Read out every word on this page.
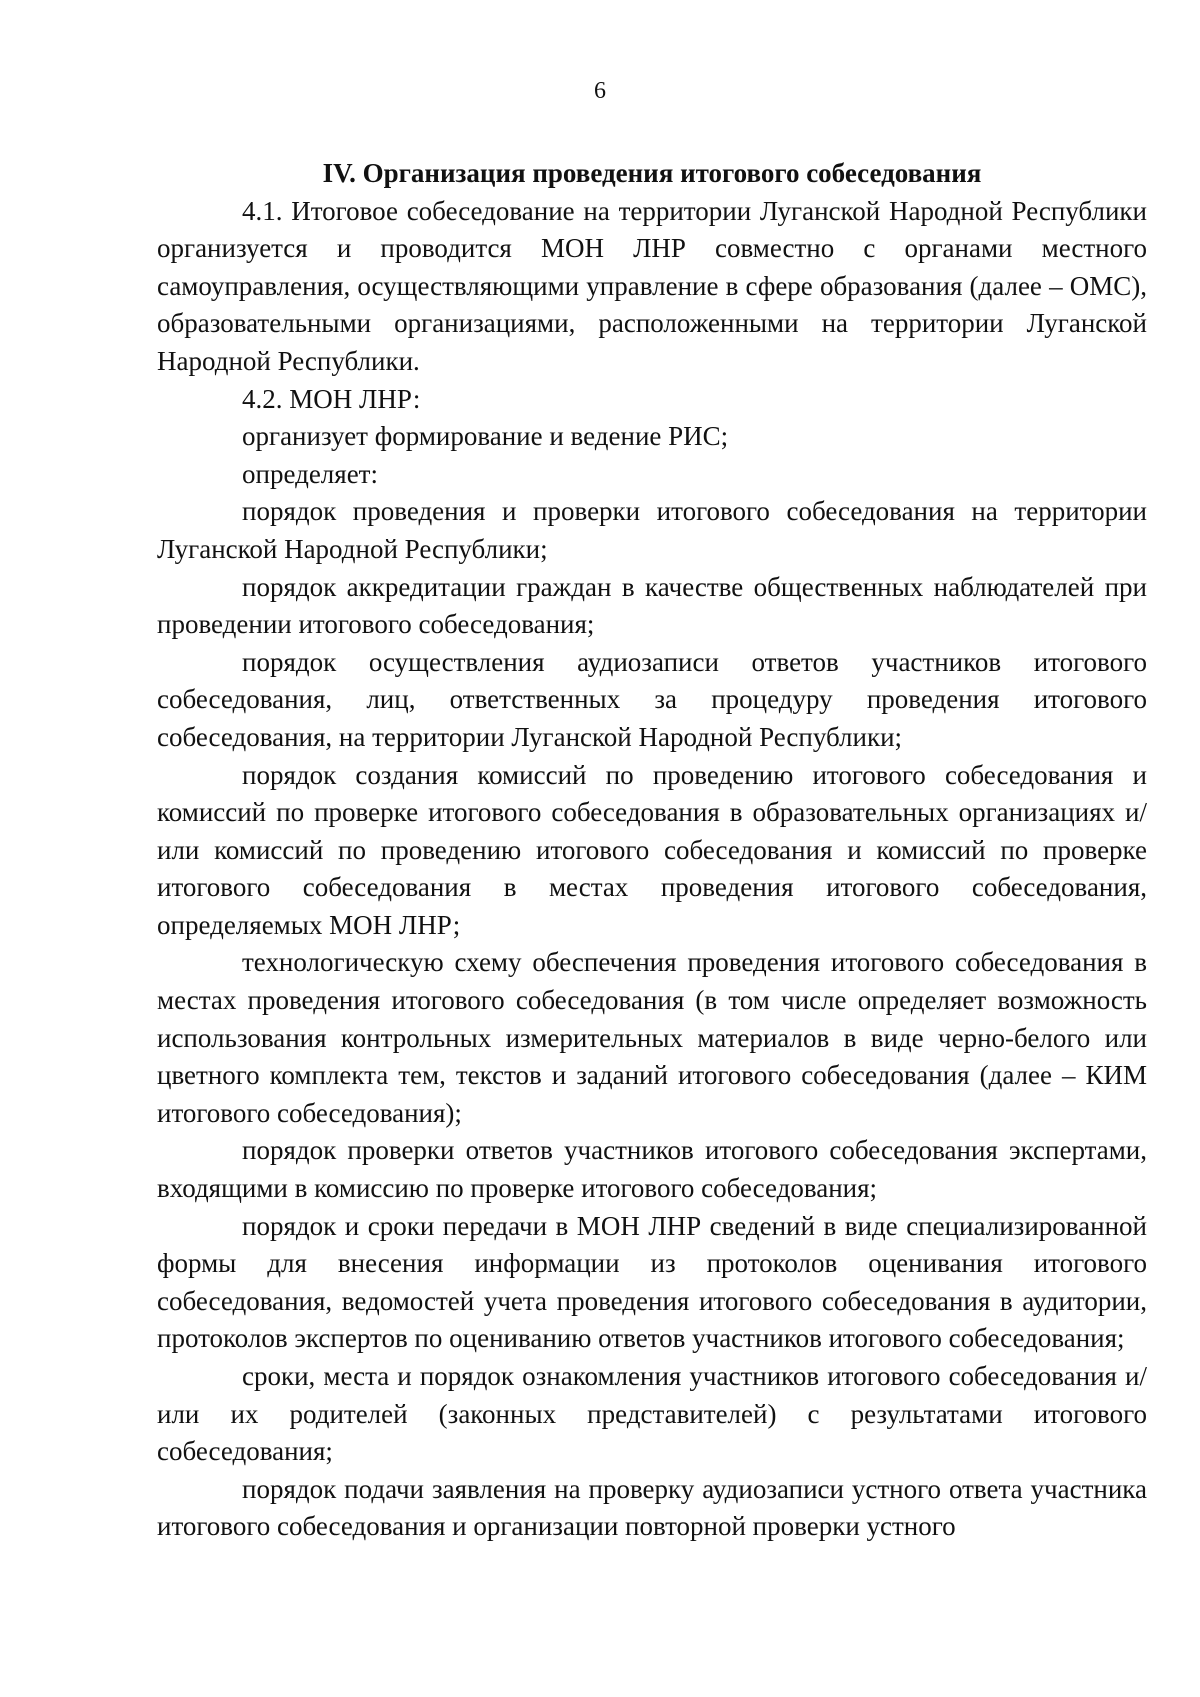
6

IV. Организация проведения итогового собеседования

4.1. Итоговое собеседование на территории Луганской Народной Республики организуется и проводится МОН ЛНР совместно с органами местного самоуправления, осуществляющими управление в сфере образования (далее – ОМС), образовательными организациями, расположенными на территории Луганской Народной Республики.

4.2. МОН ЛНР:

организует формирование и ведение РИС;

определяет:

порядок проведения и проверки итогового собеседования на территории Луганской Народной Республики;

порядок аккредитации граждан в качестве общественных наблюдателей при проведении итогового собеседования;

порядок осуществления аудиозаписи ответов участников итогового собеседования, лиц, ответственных за процедуру проведения итогового собеседования, на территории Луганской Народной Республики;

порядок создания комиссий по проведению итогового собеседования и комиссий по проверке итогового собеседования в образовательных организациях и/или комиссий по проведению итогового собеседования и комиссий по проверке итогового собеседования в местах проведения итогового собеседования, определяемых МОН ЛНР;

технологическую схему обеспечения проведения итогового собеседования в местах проведения итогового собеседования (в том числе определяет возможность использования контрольных измерительных материалов в виде черно-белого или цветного комплекта тем, текстов и заданий итогового собеседования (далее – КИМ итогового собеседования);

порядок проверки ответов участников итогового собеседования экспертами, входящими в комиссию по проверке итогового собеседования;

порядок и сроки передачи в МОН ЛНР сведений в виде специализированной формы для внесения информации из протоколов оценивания итогового собеседования, ведомостей учета проведения итогового собеседования в аудитории, протоколов экспертов по оцениванию ответов участников итогового собеседования;

сроки, места и порядок ознакомления участников итогового собеседования и/или их родителей (законных представителей) с результатами итогового собеседования;

порядок подачи заявления на проверку аудиозаписи устного ответа участника итогового собеседования и организации повторной проверки устного
